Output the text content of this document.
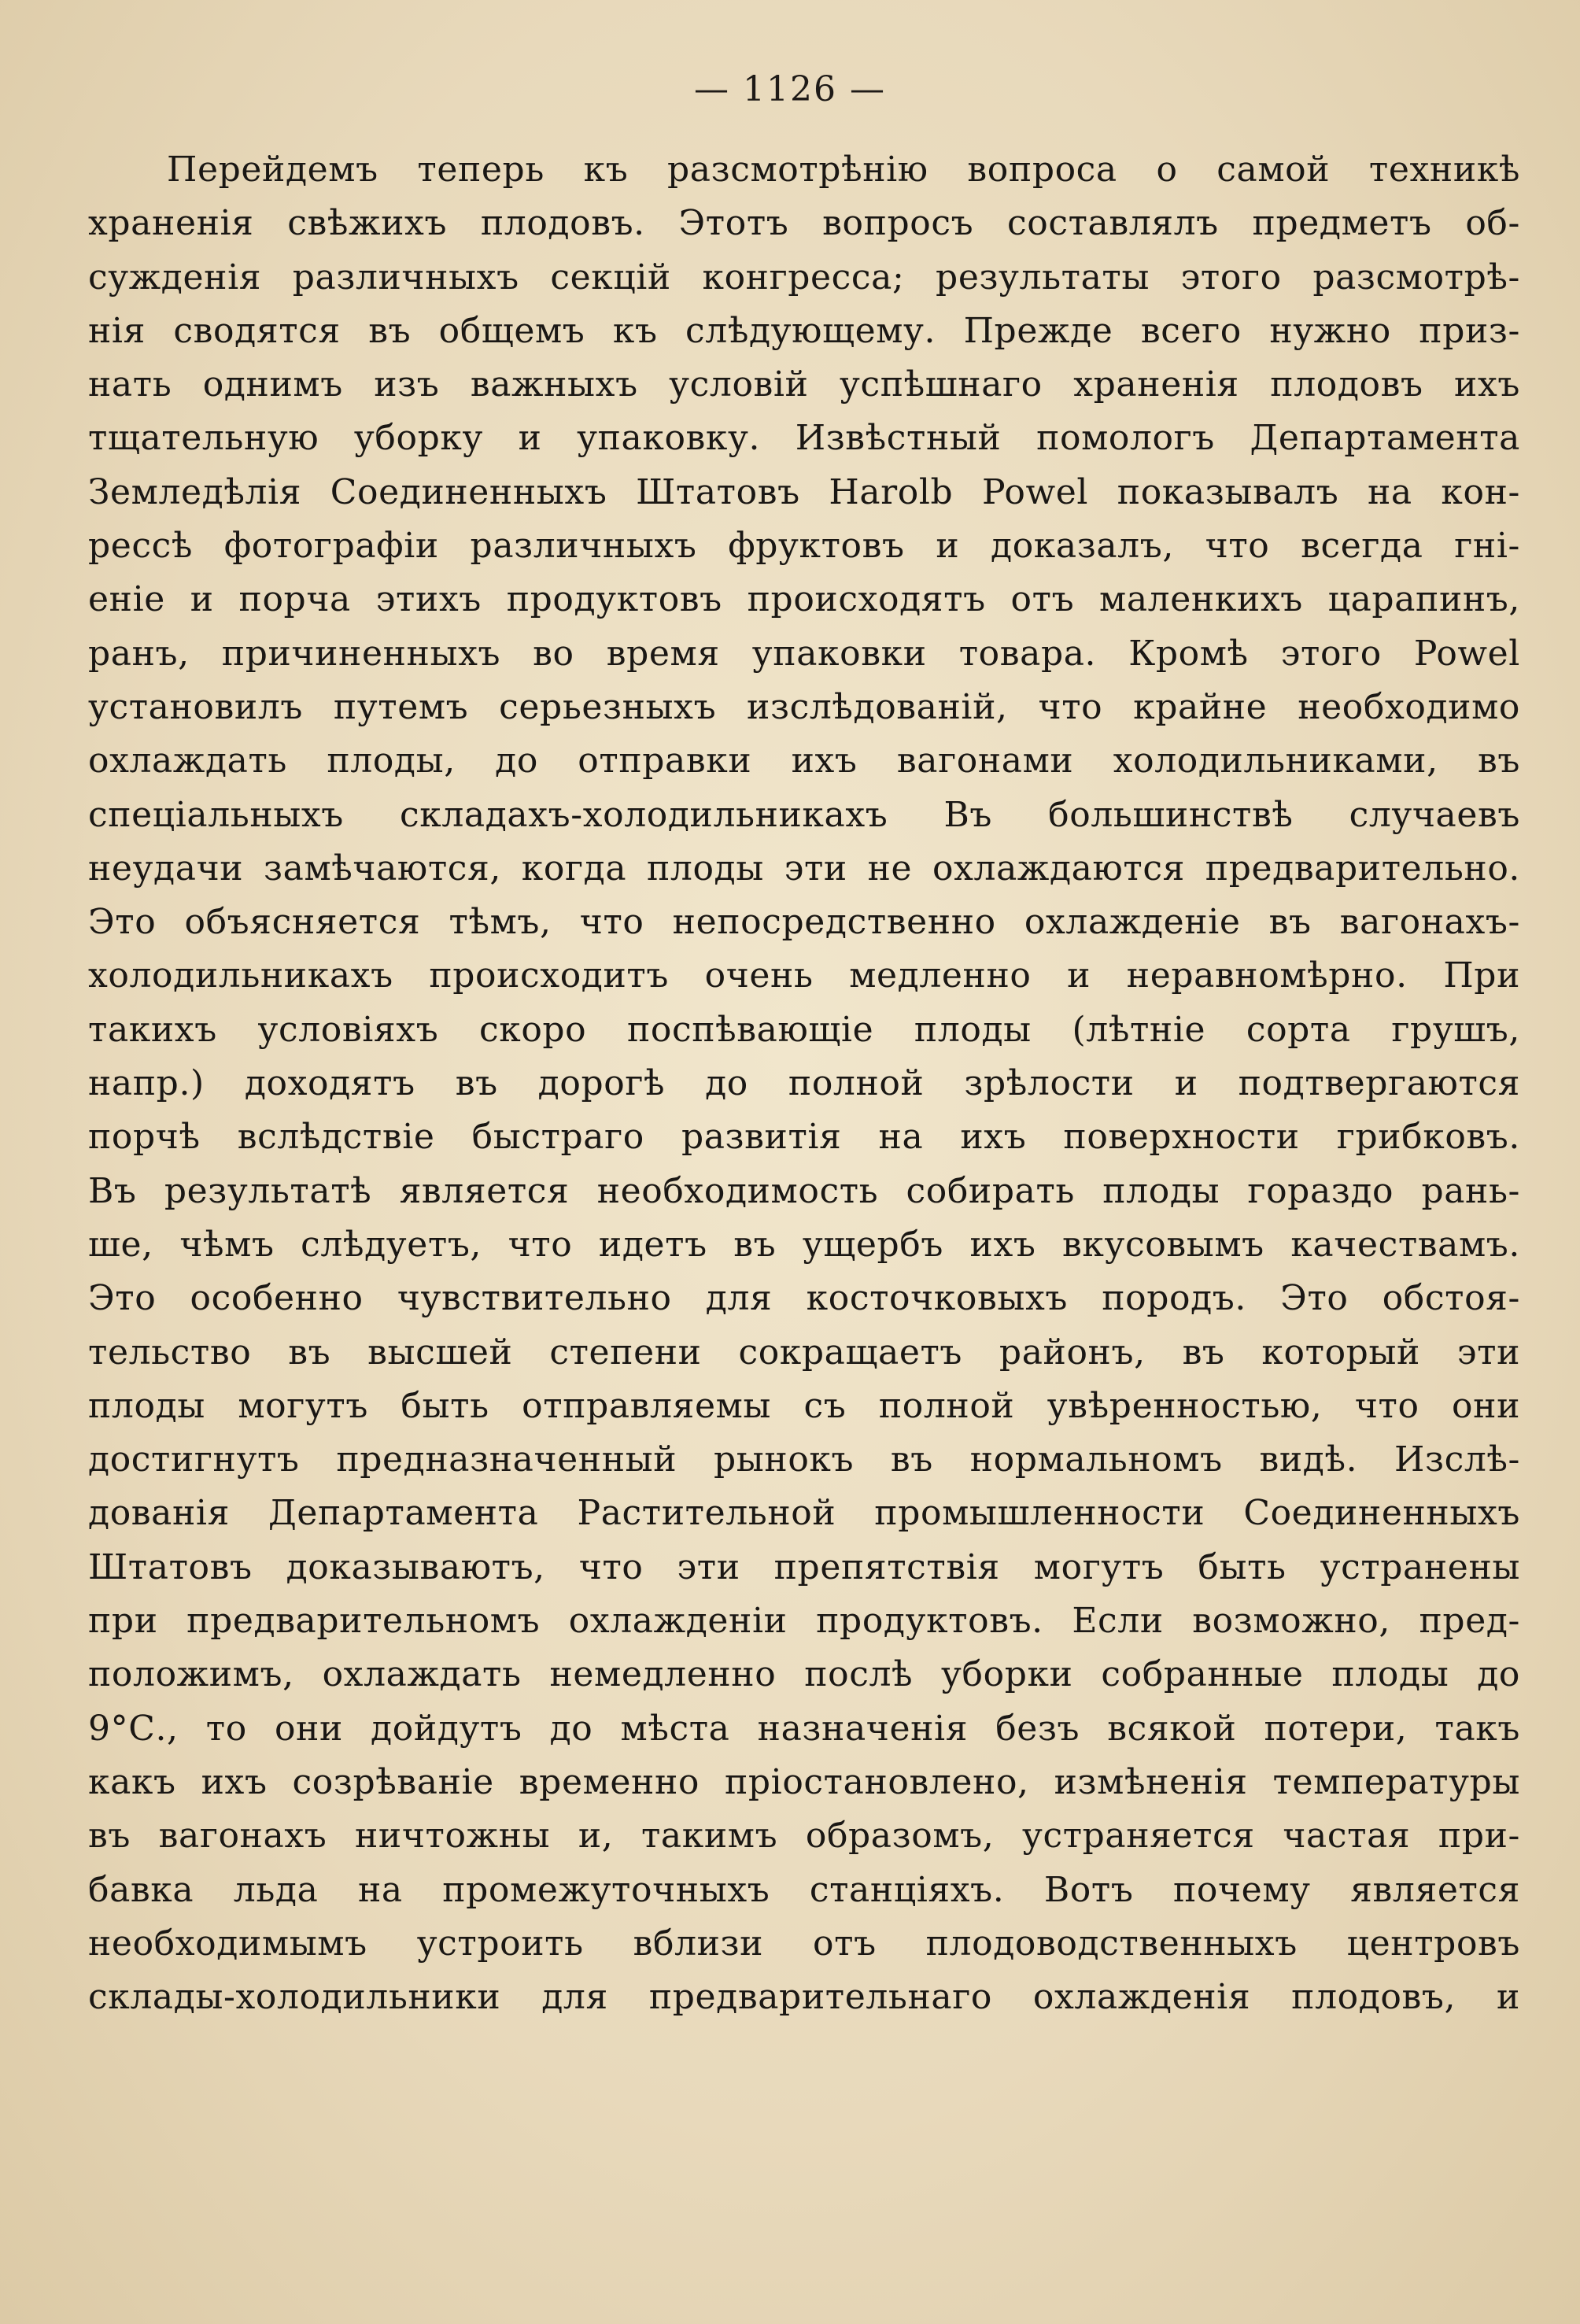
— 1126 —
Перейдемъ теперь къ разсмотрѣнію вопроса о самой техникѣ
храненія свѣжихъ плодовъ. Этотъ вопросъ составлялъ предметъ об-
сужденія различныхъ секцій конгресса; результаты этого разсмотрѣ-
нія сводятся въ общемъ къ слѣдующему. Прежде всего нужно приз-
нать однимъ изъ важныхъ условій успѣшнаго храненія плодовъ ихъ
тщательную уборку и упаковку. Извѣстный помологъ Департамента
Земледѣлія Соединенныхъ Штатовъ Harolb Powel показывалъ на кон-
рессѣ фотографіи различныхъ фруктовъ и доказалъ, что всегда гні-
еніе и порча этихъ продуктовъ происходятъ отъ маленкихъ царапинъ,
ранъ, причиненныхъ во время упаковки товара. Кромѣ этого Powel
установилъ путемъ серьезныхъ изслѣдованій, что крайне необходимо
охлаждать плоды, до отправки ихъ вагонами холодильниками, въ
спеціальныхъ складахъ-холодильникахъ Въ большинствѣ случаевъ
неудачи замѣчаются, когда плоды эти не охлаждаются предварительно.
Это объясняется тѣмъ, что непосредственно охлажденіе въ вагонахъ-
холодильникахъ происходитъ очень медленно и неравномѣрно. При
такихъ условіяхъ скоро поспѣвающіе плоды (лѣтніе сорта грушъ,
напр.) доходятъ въ дорогѣ до полной зрѣлости и подтвергаются
порчѣ вслѣдствіе быстраго развитія на ихъ поверхности грибковъ.
Въ результатѣ является необходимость собирать плоды гораздо рань-
ше, чѣмъ слѣдуетъ, что идетъ въ ущербъ ихъ вкусовымъ качествамъ.
Это особенно чувствительно для косточковыхъ породъ. Это обстоя-
тельство въ высшей степени сокращаетъ районъ, въ который эти
плоды могутъ быть отправляемы съ полной увѣренностью, что они
достигнутъ предназначенный рынокъ въ нормальномъ видѣ. Изслѣ-
дованія Департамента Растительной промышленности Соединенныхъ
Штатовъ доказываютъ, что эти препятствія могутъ быть устранены
при предварительномъ охлажденіи продуктовъ. Если возможно, пред-
положимъ, охлаждать немедленно послѣ уборки собранные плоды до
9°С., то они дойдутъ до мѣста назначенія безъ всякой потери, такъ
какъ ихъ созрѣваніе временно пріостановлено, измѣненія температуры
въ вагонахъ ничтожны и, такимъ образомъ, устраняется частая при-
бавка льда на промежуточныхъ станціяхъ. Вотъ почему является
необходимымъ устроить вблизи отъ плодоводственныхъ центровъ
склады-холодильники для предварительнаго охлажденія плодовъ, и
